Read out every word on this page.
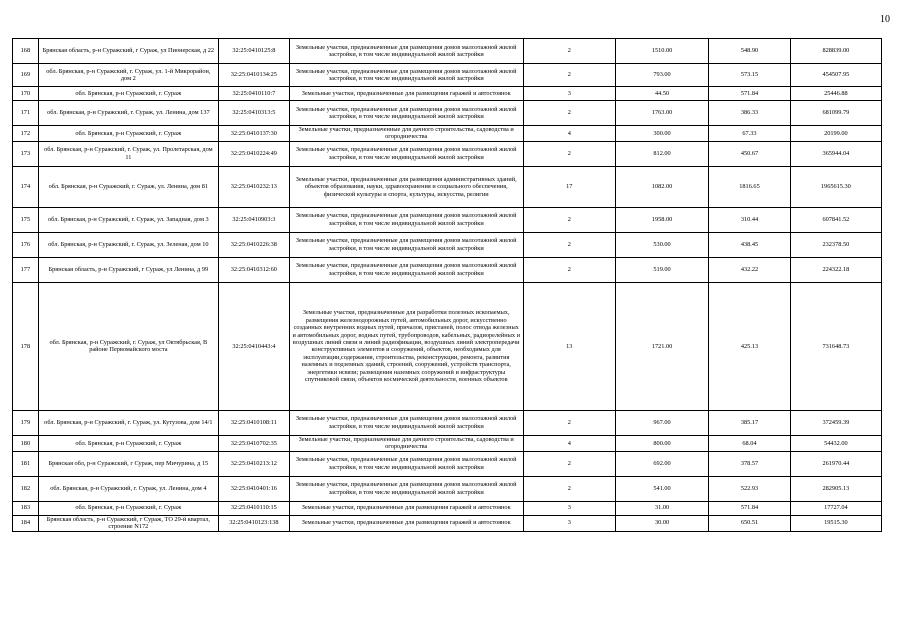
10
168	Брянская область, р-н Суражский, г Сураж, ул Пионерская, д 22	32:25:0410125:8	Земельные участки, предназначенные для размещения домов малоэтажной жилой застройки, в том числе индивидуальной жилой застройки	2	1510.00	548.90	828839.00
169	обл. Брянская, р-н Суражский, г. Сураж, ул. 1-й Микрорайон, дом 2	32:25:0410134:25	Земельные участки, предназначенные для размещения домов малоэтажной жилой застройки, в том числе индивидуальной жилой застройки	2	793.00	573.15	454507.95
170	обл. Брянская, р-н Суражский, г. Сураж	32:25:0410110:7	Земельные участки, предназначенные для размещения гаражей и автостоянок	3	44.50	571.84	25446.88
171	обл. Брянская, р-н Суражский, г. Сураж, ул. Ленина, дом 137	32:25:0410313:5	Земельные участки, предназначенные для размещения домов малоэтажной жилой застройки, в том числе индивидуальной жилой застройки	2	1763.00	386.33	681099.79
172	обл. Брянская, р-н Суражский, г. Сураж	32:25:0410137:30	Земельные участки, предназначенные для дачного строительства, садоводства и огородничества	4	300.00	67.33	20199.00
173	обл. Брянская, р-н Суражский, г. Сураж, ул. Пролетарская, дом 11	32:25:0410224:49	Земельные участки, предназначенные для размещения домов малоэтажной жилой застройки, в том числе индивидуальной жилой застройки	2	812.00	450.67	365944.04
174	обл. Брянская, р-н Суражский, г. Сураж, ул. Ленина, дом 81	32:25:0410232:13	Земельные участки, предназначенные для размещения административных зданий, объектов образования, науки, здравоохранения и социального обеспечения, физической культуры и спорта, культуры, искусства, религии	17	1082.00	1816.65	1965615.30
175	обл. Брянская, р-н Суражский, г. Сураж, ул. Западная, дом 3	32:25:0410903:3	Земельные участки, предназначенные для размещения домов малоэтажной жилой застройки, в том числе индивидуальной жилой застройки	2	1958.00	310.44	607841.52
176	обл. Брянская, р-н Суражский, г. Сураж, ул. Зеленая, дом 10	32:25:0410226:38	Земельные участки, предназначенные для размещения домов малоэтажной жилой застройки, в том числе индивидуальной жилой застройки	2	530.00	438.45	232378.50
177	Брянская область, р-н Суражский, г Сураж, ул Ленина, д 99	32:25:0410312:60	Земельные участки, предназначенные для размещения домов малоэтажной жилой застройки, в том числе индивидуальной жилой застройки	2	519.00	432.22	224322.18
178	обл. Брянская, р-н Суражский, г. Сураж, ул Октябрьская, В районе Первомайского моста	32:25:0410443:4	Земельные участки, предназначенные для разработки полезных ископаемых, размещения железнодорожных путей, автомобильных дорог, искусственно созданных внутренних водных путей, причалов, пристаней, полос отвода железных и автомобильных дорог, водных путей, трубопроводов, кабельных, радиорелейных и воздушных линий связи и линий радиофикации, воздушных линий электропередачи конструктивных элементов и сооружений, объектов, необходимых для эксплуатации,содержания, строительства, реконструкции, ремонта, развития наземных и подземных зданий, строений, сооружений, устройств транспорта, энергетики нсвязи; размещения наземных сооружений и инфраструктуры спутниковой связи, объектов космической деятельности, военных объектов	13	1721.00	425.13	731648.73
179	обл. Брянская, р-н Суражский, г. Сураж, ул. Кутузова, дом 14/1	32:25:0410108:11	Земельные участки, предназначенные для размещения домов малоэтажной жилой застройки, в том числе индивидуальной жилой застройки	2	967.00	385.17	372459.39
180	обл. Брянская, р-н Суражский, г. Сураж	32:25:0410702:35	Земельные участки, предназначенные для дачного строительства, садоводства и огородничества	4	800.00	68.04	54432.00
181	Брянская обл, р-н Суражский, г Сураж, пер Мичурина, д 15	32:25:0410213:12	Земельные участки, предназначенные для размещения домов малоэтажной жилой застройки, в том числе индивидуальной жилой застройки	2	692.00	378.57	261970.44
182	обл. Брянская, р-н Суражский, г. Сураж, ул. Ленина, дом 4	32:25:0410401:16	Земельные участки, предназначенные для размещения домов малоэтажной жилой застройки, в том числе индивидуальной жилой застройки	2	541.00	522.93	282905.13
183	обл. Брянская, р-н Суражский, г. Сураж	32:25:0410110:15	Земельные участки, предназначенные для размещения гаражей и автостоянок	3	31.00	571.84	17727.04
184	Брянская область, р-н Суражский, г Сураж, ТО 29-й квартал, строение N172	32:25:0410123:138	Земельные участки, предназначенные для размещения гаражей и автостоянок	3	30.00	650.51	19515.30
